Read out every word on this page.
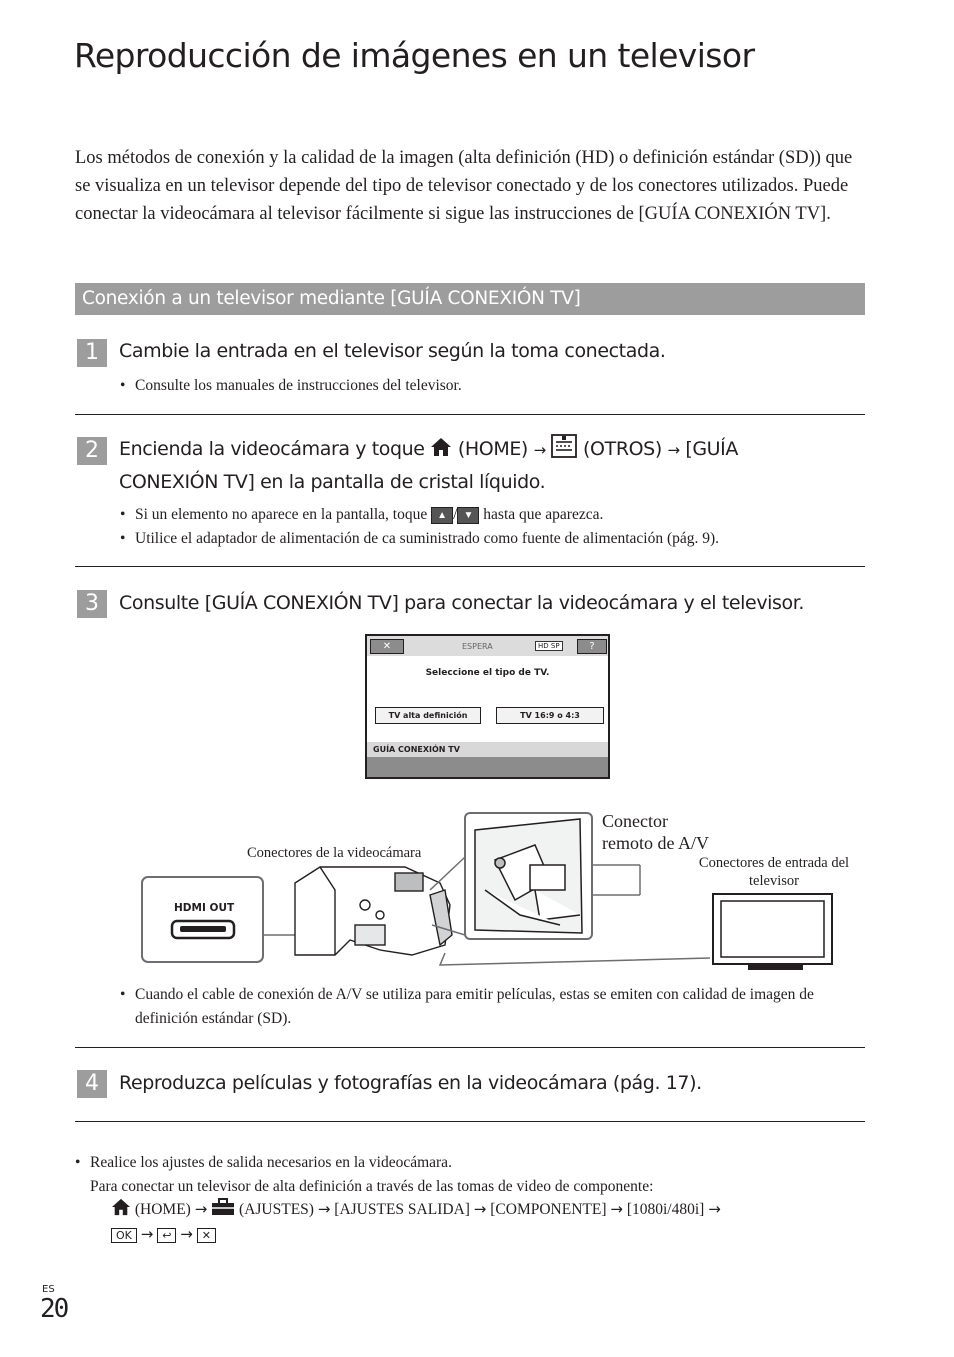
Reproducción de imágenes en un televisor

Los métodos de conexión y la calidad de la imagen (alta definición (HD) o definición estándar (SD)) que se visualiza en un televisor depende del tipo de televisor conectado y de los conectores utilizados. Puede conectar la videocámara al televisor fácilmente si sigue las instrucciones de [GUÍA CONEXIÓN TV].

Conexión a un televisor mediante [GUÍA CONEXIÓN TV]
1	Cambie la entrada en el televisor según la toma conectada.
• Consulte los manuales de instrucciones del televisor.
2	Encienda la videocámara y toque (HOME) → (OTROS) → [GUÍA
CONEXIÓN TV] en la pantalla de cristal líquido.
• Si un elemento no aparece en la pantalla, toque ▲ / ▼ hasta que aparezca.
• Utilice el adaptador de alimentación de ca suministrado como fuente de alimentación (pág. 9).
3	Consulte [GUÍA CONEXIÓN TV] para conectar la videocámara y el televisor.
✕	ESPERA	HD SP	?
Seleccione el tipo de TV.
TV alta definición	TV 16:9 o 4:3
GUÍA CONEXIÓN TV
HDMI OUT
Conectores de la videocámara
Conector
remoto de A/V
Conectores de entrada del
televisor
• Cuando el cable de conexión de A/V se utiliza para emitir películas, estas se emiten con calidad de imagen de definición estándar (SD).
4	Reproduzca películas y fotografías en la videocámara (pág. 17).
• Realice los ajustes de salida necesarios en la videocámara.
Para conectar un televisor de alta definición a través de las tomas de video de componente:
(HOME) → (AJUSTES) → [AJUSTES SALIDA] → [COMPONENTE] → [1080i/480i] →
OK → ↩ → ✕
ES
20
